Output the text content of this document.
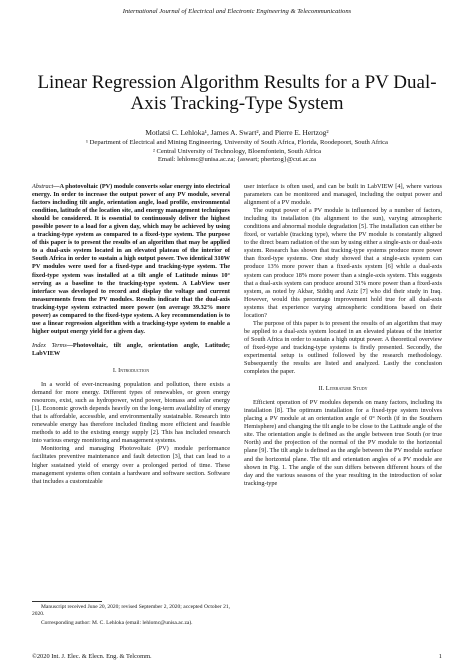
International Journal of Electrical and Electronic Engineering & Telecommunications
Linear Regression Algorithm Results for a PV Dual-Axis Tracking-Type System
Motlatsi C. Lehloka¹, James A. Swart², and Pierre E. Hertzog²
¹ Department of Electrical and Mining Engineering, University of South Africa, Florida, Roodepoort, South Africa
² Central University of Technology, Bloemfontein, South Africa
Email: lehlomc@unisa.ac.za; {aswart; phertzog}@cut.ac.za

Abstract—A photovoltaic (PV) module converts solar energy into electrical energy. In order to increase the output power of any PV module, several factors including tilt angle, orientation angle, load profile, environmental condition, latitude of the location site, and energy management techniques should be considered. It is essential to continuously deliver the highest possible power to a load for a given day, which may be achieved by using a tracking-type system as compared to a fixed-type system. The purpose of this paper is to present the results of an algorithm that may be applied to a dual-axis system located in an elevated plateau of the interior of South Africa in order to sustain a high output power. Two identical 310W PV modules were used for a fixed-type and tracking-type system. The fixed-type system was installed at a tilt angle of Latitude minus 10° serving as a baseline to the tracking-type system. A LabView user interface was developed to record and display the voltage and current measurements from the PV modules. Results indicate that the dual-axis tracking-type system extracted more power (on average 39.32% more power) as compared to the fixed-type system. A key recommendation is to use a linear regression algorithm with a tracking-type system to enable a higher output energy yield for a given day.

Index Terms—Photovoltaic, tilt angle, orientation angle, Latitude; LabVIEW

I. Introduction

In a world of ever-increasing population and pollution, there exists a demand for more energy. Different types of renewables, or green energy resources, exist, such as hydropower, wind power, biomass and solar energy [1]. Economic growth depends heavily on the long-term availability of energy that is affordable, accessible, and environmentally sustainable. Research into renewable energy has therefore included finding more efficient and feasible methods to add to the existing energy supply [2]. This has included research into various energy monitoring and management systems.

Monitoring and managing Photovoltaic (PV) module performance facilitates preventive maintenance and fault detection [3], that can lead to a higher sustained yield of energy over a prolonged period of time. These management systems often contain a hardware and software section. Software that includes a customizable

user interface is often used, and can be built in LabVIEW [4], where various parameters can be monitored and managed, including the output power and alignment of a PV module.

The output power of a PV module is influenced by a number of factors, including its installation (its alignment to the sun), varying atmospheric conditions and abnormal module degradation [5]. The installation can either be fixed, or variable (tracking type), where the PV module is constantly aligned to the direct beam radiation of the sun by using either a single-axis or dual-axis system. Research has shown that tracking-type systems produce more power than fixed-type systems. One study showed that a single-axis system can produce 13% more power than a fixed-axis system [6] while a dual-axis system can produce 18% more power than a single-axis system. This suggests that a dual-axis system can produce around 31% more power than a fixed-axis system, as noted by Akbar, Siddiq and Aziz [7] who did their study in Iraq. However, would this percentage improvement hold true for all dual-axis systems that experience varying atmospheric conditions based on their location?

The purpose of this paper is to present the results of an algorithm that may be applied to a dual-axis system located in an elevated plateau of the interior of South Africa in order to sustain a high output power. A theoretical overview of fixed-type and tracking-type systems is firstly presented. Secondly, the experimental setup is outlined followed by the research methodology. Subsequently the results are listed and analyzed. Lastly the conclusion completes the paper.

II. Literature Study

Efficient operation of PV modules depends on many factors, including its installation [8]. The optimum installation for a fixed-type system involves placing a PV module at an orientation angle of 0° North (if in the Southern Hemisphere) and changing the tilt angle to be close to the Latitude angle of the site. The orientation angle is defined as the angle between true South (or true North) and the projection of the normal of the PV module to the horizontal plane [9]. The tilt angle is defined as the angle between the PV module surface and the horizontal plane. The tilt and orientation angles of a PV module are shown in Fig. 1. The angle of the sun differs between different hours of the day and the various seasons of the year resulting in the introduction of solar tracking-type

Manuscript received June 20, 2020; revised September 2, 2020; accepted October 21, 2020.

Corresponding author: M. C. Lehloka (email: lehlomc@unisa.ac.za).

©2020 Int. J. Elec. & Elecn. Eng. & Telcomm.	1
